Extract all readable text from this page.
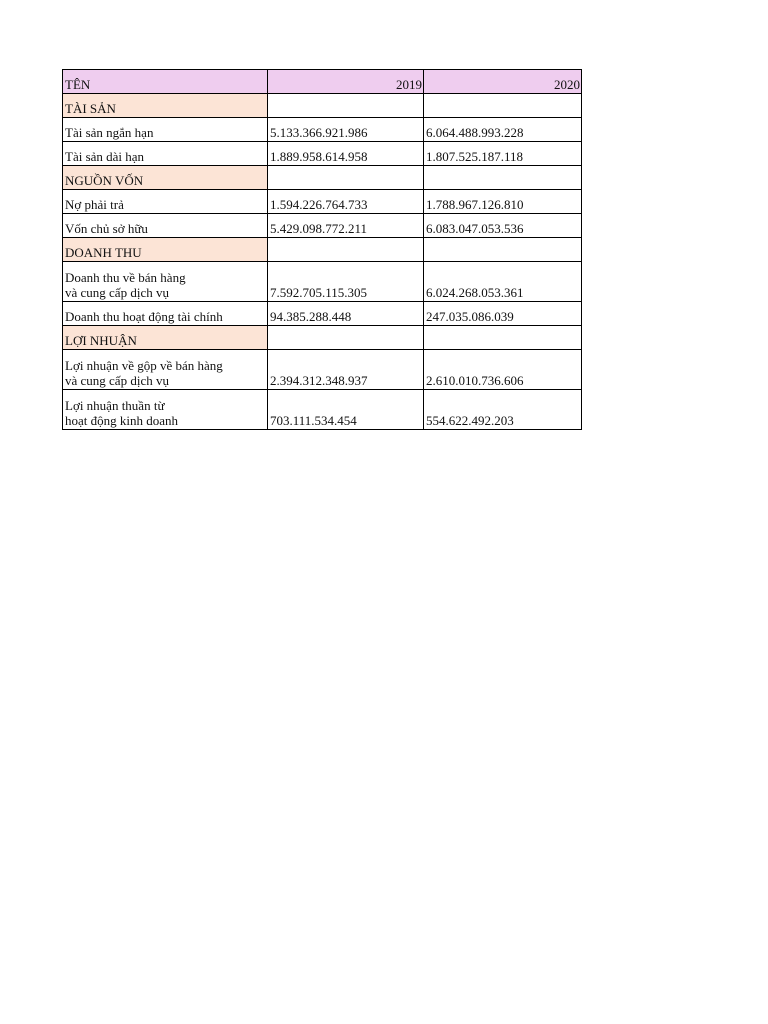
TÊN	2019	2020
TÀI SẢN		
Tài sản ngắn hạn	5.133.366.921.986	6.064.488.993.228
Tài sản dài hạn	1.889.958.614.958	1.807.525.187.118
NGUỒN VỐN		
Nợ phải trả	1.594.226.764.733	1.788.967.126.810
Vốn chủ sở hữu	5.429.098.772.211	6.083.047.053.536
DOANH THU		
Doanh thu về bán hàng
và cung cấp dịch vụ	7.592.705.115.305	6.024.268.053.361
Doanh thu hoạt động tài chính	94.385.288.448	247.035.086.039
LỢI NHUẬN		
Lợi nhuận về gộp về bán hàng
và cung cấp dịch vụ	2.394.312.348.937	2.610.010.736.606
Lợi nhuận thuần từ
hoạt động kinh doanh	703.111.534.454	554.622.492.203
